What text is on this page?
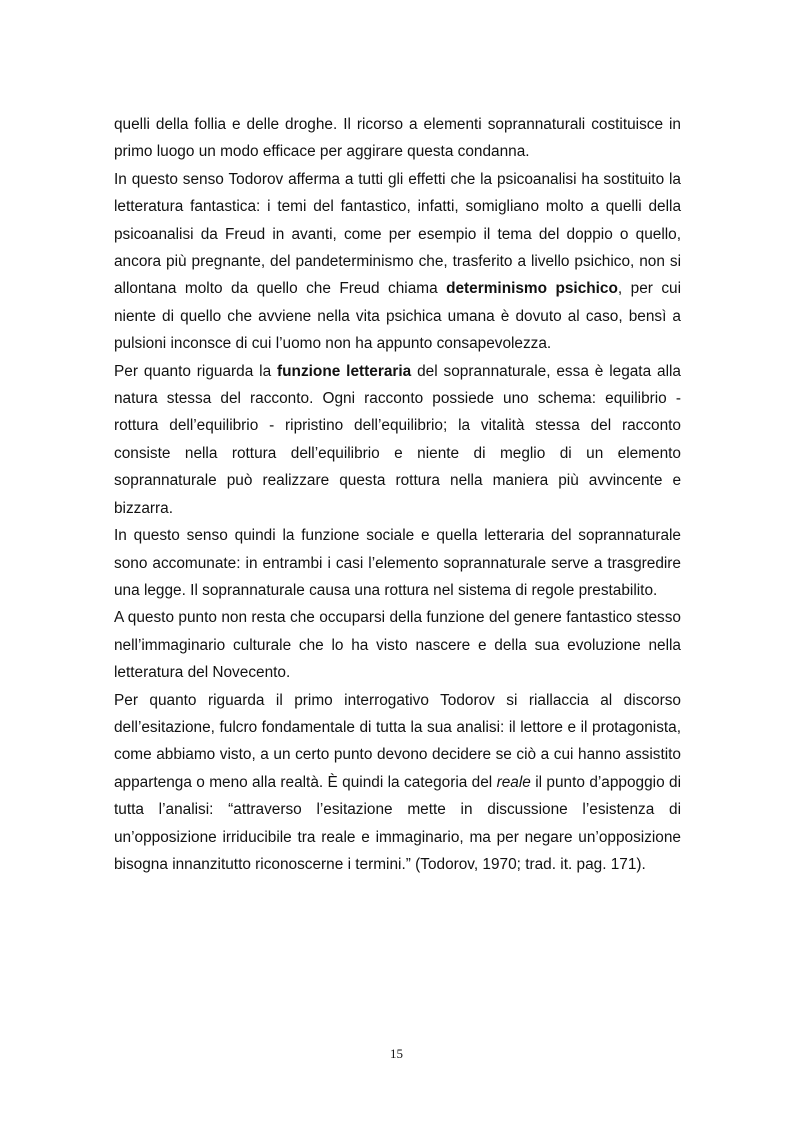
quelli della follia e delle droghe. Il ricorso a elementi soprannaturali costituisce in primo luogo un modo efficace per aggirare questa condanna.

In questo senso Todorov afferma a tutti gli effetti che la psicoanalisi ha sostituito la letteratura fantastica: i temi del fantastico, infatti, somigliano molto a quelli della psicoanalisi da Freud in avanti, come per esempio il tema del doppio o quello, ancora più pregnante, del pandeterminismo che, trasferito a livello psichico, non si allontana molto da quello che Freud chiama determinismo psichico, per cui niente di quello che avviene nella vita psichica umana è dovuto al caso, bensì a pulsioni inconsce di cui l’uomo non ha appunto consapevolezza.

Per quanto riguarda la funzione letteraria del soprannaturale, essa è legata alla natura stessa del racconto. Ogni racconto possiede uno schema: equilibrio - rottura dell’equilibrio - ripristino dell’equilibrio; la vitalità stessa del racconto consiste nella rottura dell’equilibrio e niente di meglio di un elemento soprannaturale può realizzare questa rottura nella maniera più avvincente e bizzarra.

In questo senso quindi la funzione sociale e quella letteraria del soprannaturale sono accomunate: in entrambi i casi l’elemento soprannaturale serve a trasgredire una legge. Il soprannaturale causa una rottura nel sistema di regole prestabilito.

A questo punto non resta che occuparsi della funzione del genere fantastico stesso nell’immaginario culturale che lo ha visto nascere e della sua evoluzione nella letteratura del Novecento.

Per quanto riguarda il primo interrogativo Todorov si riallaccia al discorso dell’esitazione, fulcro fondamentale di tutta la sua analisi: il lettore e il protagonista, come abbiamo visto, a un certo punto devono decidere se ciò a cui hanno assistito appartenga o meno alla realtà. È quindi la categoria del reale il punto d’appoggio di tutta l’analisi: “attraverso l’esitazione mette in discussione l’esistenza di un’opposizione irriducibile tra reale e immaginario, ma per negare un’opposizione bisogna innanzitutto riconoscerne i termini.” (Todorov, 1970; trad. it. pag. 171).

15
